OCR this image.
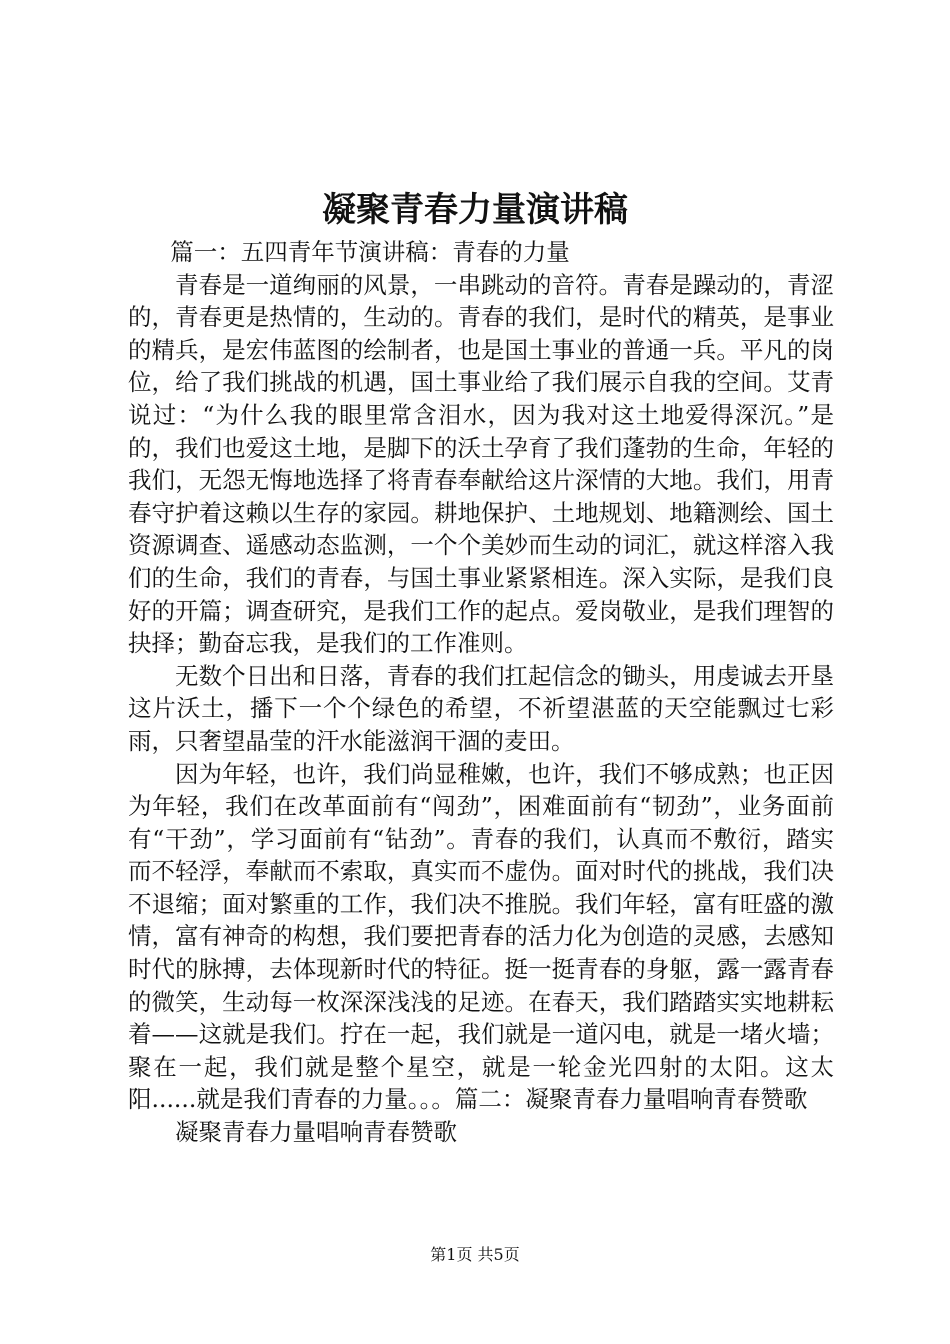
凝聚青春力量演讲稿

篇一：五四青年节演讲稿：青春的力量

青春是一道绚丽的风景，一串跳动的音符。青春是躁动的，青涩的，青春更是热情的，生动的。青春的我们，是时代的精英，是事业的精兵，是宏伟蓝图的绘制者，也是国土事业的普通一兵。平凡的岗位，给了我们挑战的机遇，国土事业给了我们展示自我的空间。艾青说过：“为什么我的眼里常含泪水，因为我对这土地爱得深沉。”是的，我们也爱这土地，是脚下的沃土孕育了我们蓬勃的生命，年轻的我们，无怨无悔地选择了将青春奉献给这片深情的大地。我们，用青春守护着这赖以生存的家园。耕地保护、土地规划、地籍测绘、国土资源调查、遥感动态监测，一个个美妙而生动的词汇，就这样溶入我们的生命，我们的青春，与国土事业紧紧相连。深入实际，是我们良好的开篇；调查研究，是我们工作的起点。爱岗敬业，是我们理智的抉择；勤奋忘我，是我们的工作准则。

无数个日出和日落，青春的我们扛起信念的锄头，用虔诚去开垦这片沃土，播下一个个绿色的希望，不祈望湛蓝的天空能飘过七彩雨，只奢望晶莹的汗水能滋润干涸的麦田。

因为年轻，也许，我们尚显稚嫩，也许，我们不够成熟；也正因为年轻，我们在改革面前有“闯劲”，困难面前有“韧劲”，业务面前有“干劲”，学习面前有“钻劲”。青春的我们，认真而不敷衍，踏实而不轻浮，奉献而不索取，真实而不虚伪。面对时代的挑战，我们决不退缩；面对繁重的工作，我们决不推脱。我们年轻，富有旺盛的激情，富有神奇的构想，我们要把青春的活力化为创造的灵感，去感知时代的脉搏，去体现新时代的特征。挺一挺青春的身躯，露一露青春的微笑，生动每一枚深深浅浅的足迹。在春天，我们踏踏实实地耕耘着——这就是我们。拧在一起，我们就是一道闪电，就是一堵火墙；聚在一起，我们就是整个星空，就是一轮金光四射的太阳。这太阳......就是我们青春的力量。。。篇二：凝聚青春力量唱响青春赞歌

凝聚青春力量唱响青春赞歌

第1页 共5页
